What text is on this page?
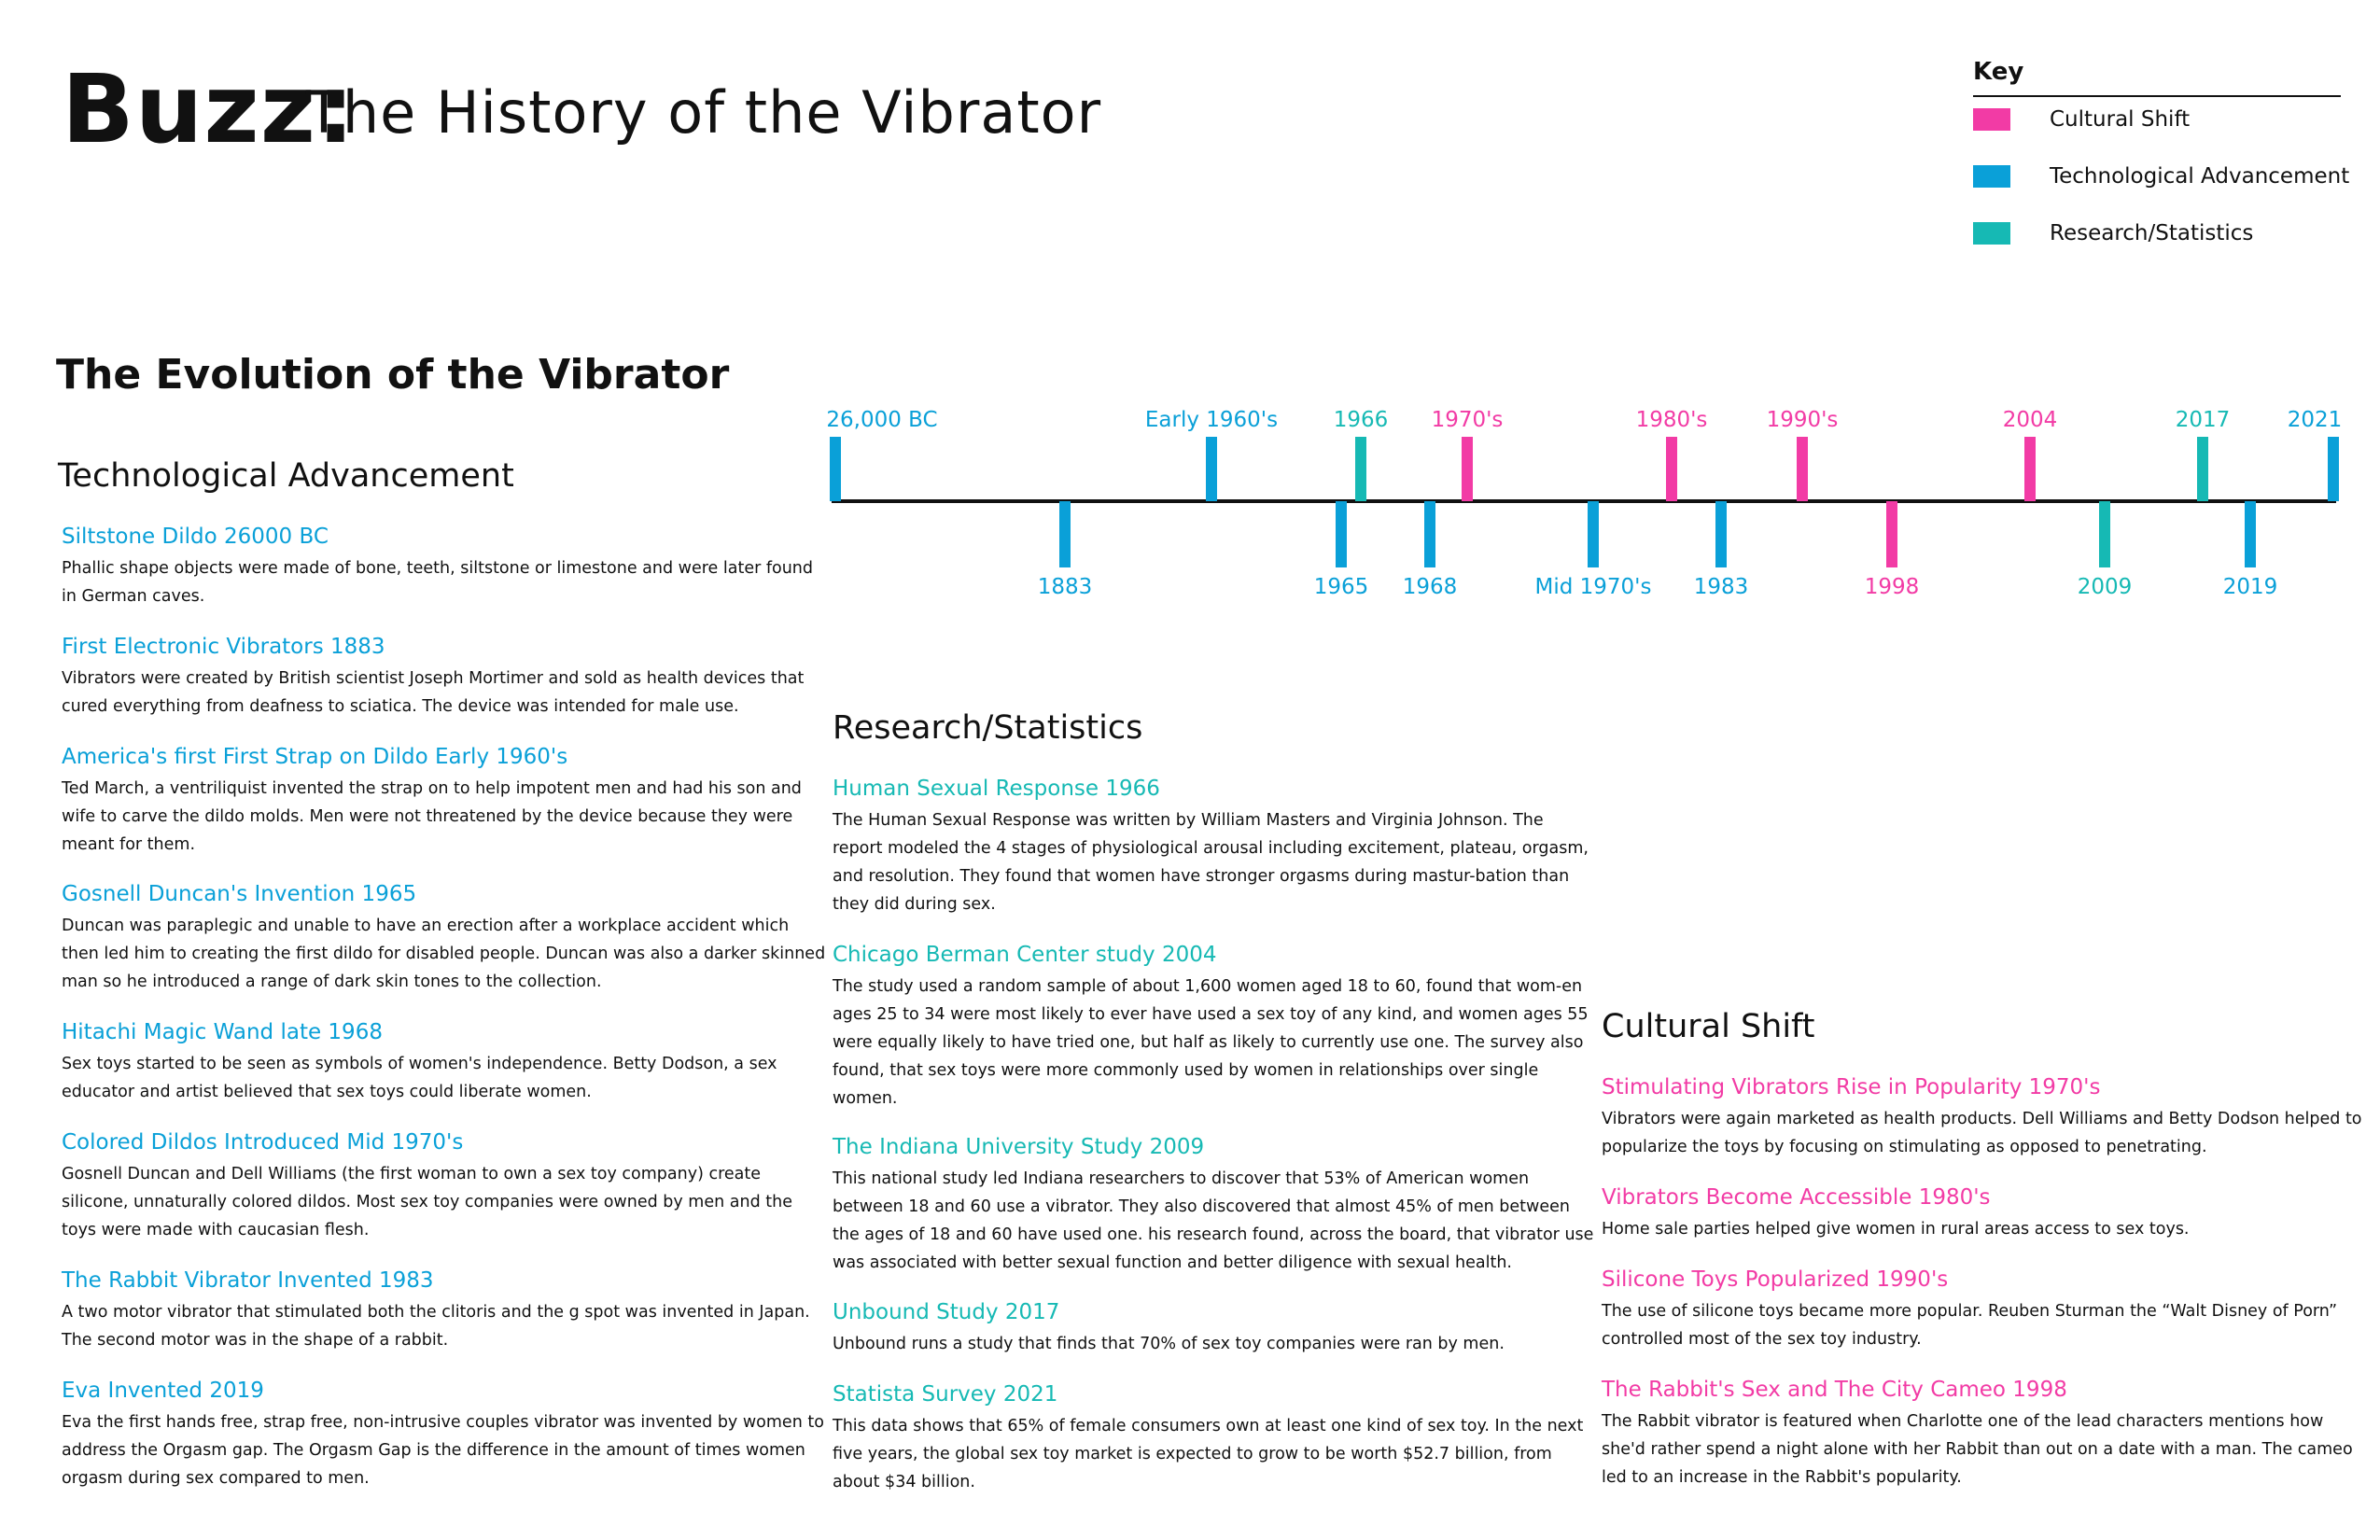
Buzz:
The History of the Vibrator
Key
Cultural Shift
Technological Advancement
Research/Statistics
The Evolution of the Vibrator
26,000 BC
1883
Early 1960's
1965
1966
1968
1970's
Mid 1970's
1980's
1983
1990's
1998
2004
2009
2017
2019
2021
Technological Advancement
Siltstone Dildo 26000 BC
Phallic shape objects were made of bone, teeth, siltstone or limestone and were later found in German caves.
First Electronic Vibrators 1883
Vibrators were created by British scientist Joseph Mortimer and sold as health devices that cured everything from deafness to sciatica. The device was intended for male use.
America's first First Strap on Dildo Early 1960's
Ted March, a ventriliquist invented the strap on to help impotent men and had his son and wife to carve the dildo molds. Men were not threatened by the device because they were meant for them.
Gosnell Duncan's Invention 1965
Duncan was paraplegic and unable to have an erection after a workplace accident which then led him to creating the first dildo for disabled people. Duncan was also a darker skinned man so he introduced a range of dark skin tones to the collection.
Hitachi Magic Wand late 1968
Sex toys started to be seen as symbols of women's independence. Betty Dodson, a sex educator and artist believed that sex toys could liberate women.
Colored Dildos Introduced Mid 1970's
Gosnell Duncan and Dell Williams (the first woman to own a sex toy company) create silicone, unnaturally colored dildos. Most sex toy companies were owned by men and the toys were made with caucasian flesh.
The Rabbit Vibrator Invented 1983
A two motor vibrator that stimulated both the clitoris and the g spot was invented in Japan. The second motor was in the shape of a rabbit.
Eva Invented 2019
Eva the first hands free, strap free, non-intrusive couples vibrator was invented by women to address the Orgasm gap. The Orgasm Gap is the difference in the amount of times women orgasm during sex compared to men.
Research/Statistics
Human Sexual Response 1966
The Human Sexual Response was written by William Masters and Virginia Johnson. The report modeled the 4 stages of physiological arousal including excitement, plateau, orgasm, and resolution. They found that women have stronger orgasms during mastur-bation than they did during sex.
Chicago Berman Center study 2004
The study used a random sample of about 1,600 women aged 18 to 60, found that wom-en ages 25 to 34 were most likely to ever have used a sex toy of any kind, and women ages 55 were equally likely to have tried one, but half as likely to currently use one. The survey also found, that sex toys were more commonly used by women in relationships over single women.
The Indiana University Study 2009
This national study led Indiana researchers to discover that 53% of American women between 18 and 60 use a vibrator. They also discovered that almost 45% of men between the ages of 18 and 60 have used one. his research found, across the board, that vibrator use was associated with better sexual function and better diligence with sexual health.
Unbound Study 2017
Unbound runs a study that finds that 70% of sex toy companies were ran by men.
Statista Survey 2021
This data shows that 65% of female consumers own at least one kind of sex toy. In the next five years, the global sex toy market is expected to grow to be worth $52.7 billion, from about $34 billion.
Cultural Shift
Stimulating Vibrators Rise in Popularity 1970's
Vibrators were again marketed as health products. Dell Williams and Betty Dodson helped to popularize the toys by focusing on stimulating as opposed to penetrating.
Vibrators Become Accessible 1980's
Home sale parties helped give women in rural areas access to sex toys.
Silicone Toys Popularized 1990's
The use of silicone toys became more popular. Reuben Sturman the “Walt Disney of Porn” controlled most of the sex toy industry.
The Rabbit's Sex and The City Cameo 1998
The Rabbit vibrator is featured when Charlotte one of the lead characters mentions how she'd rather spend a night alone with her Rabbit than out on a date with a man. The cameo led to an increase in the Rabbit's popularity.
